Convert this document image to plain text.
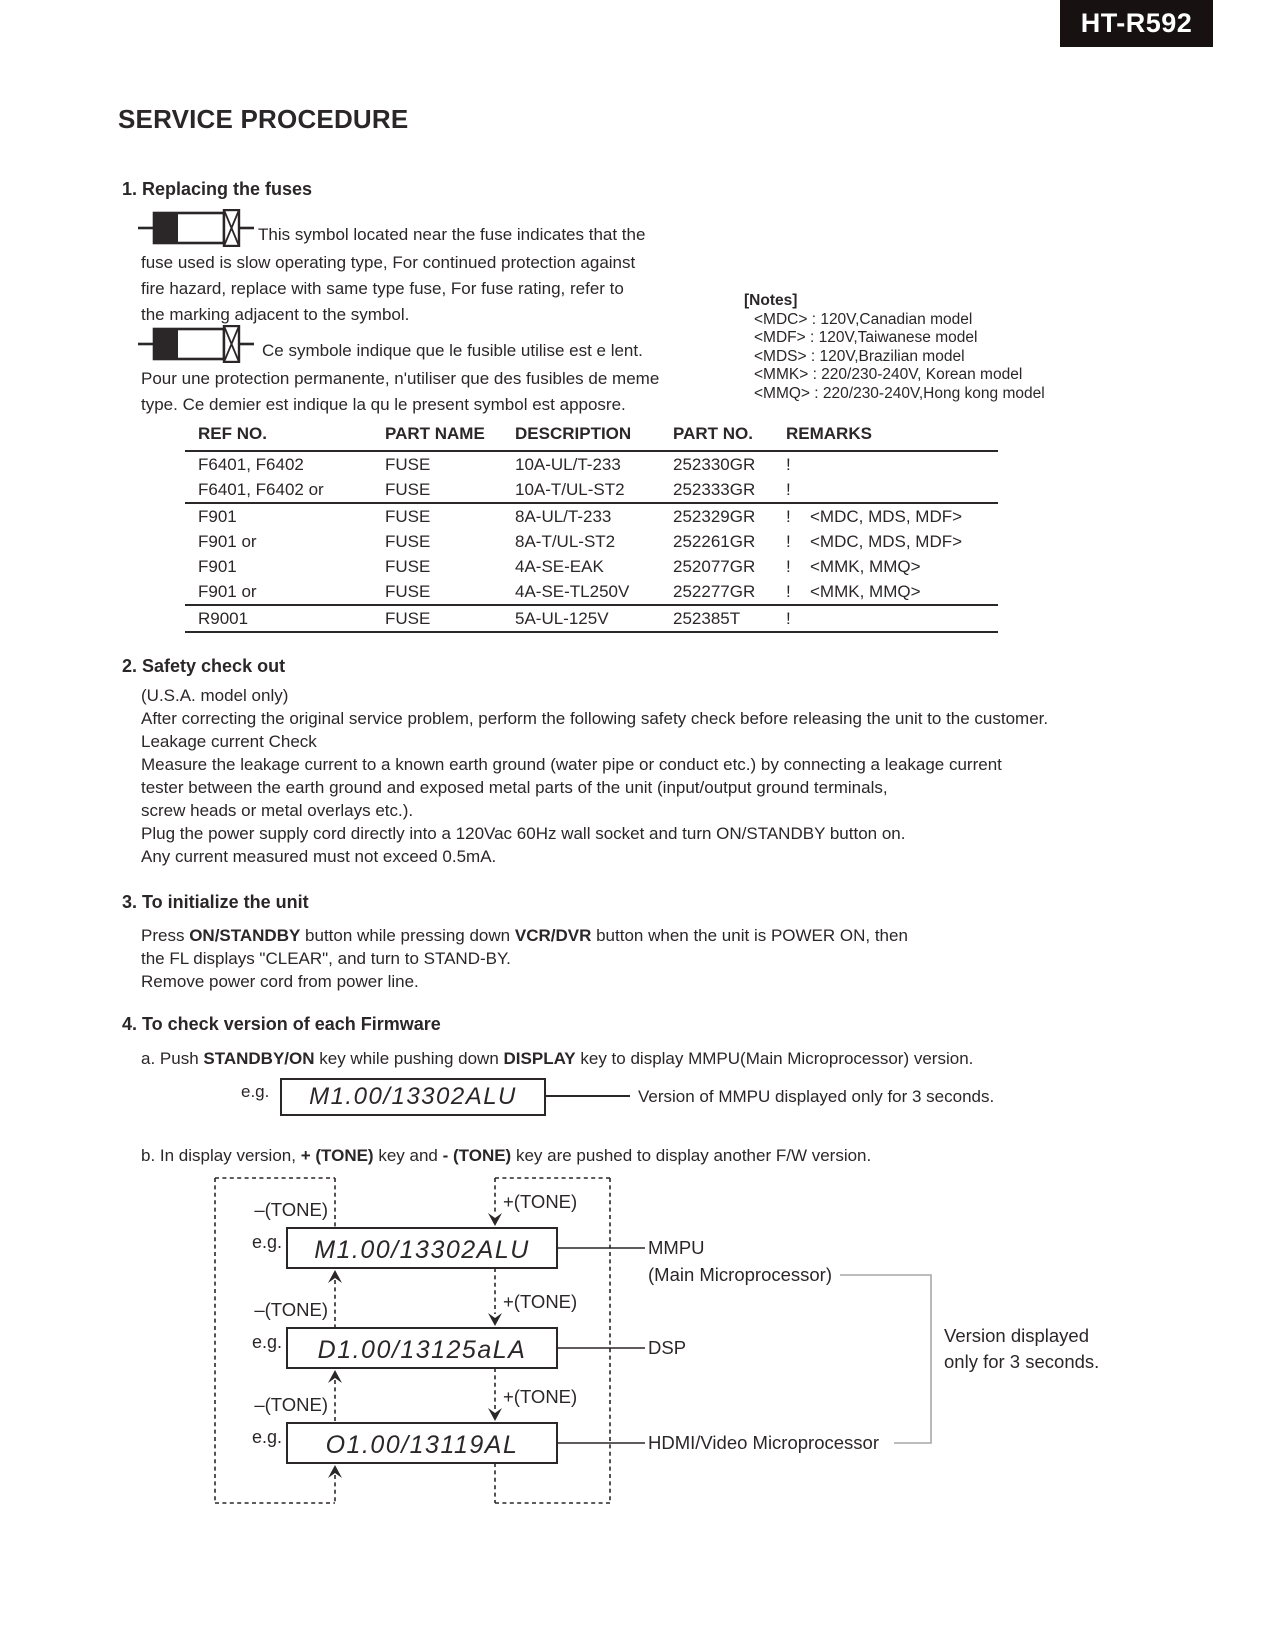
HT-R592
SERVICE PROCEDURE
1. Replacing the fuses
This symbol located near the fuse indicates that the
fuse used is slow operating type, For continued protection against
fire hazard, replace with same type fuse, For fuse rating, refer to
the marking adjacent to the symbol.
[Notes]
<MDC> : 120V,Canadian model
<MDF> : 120V,Taiwanese model
<MDS> : 120V,Brazilian model
<MMK> : 220/230-240V, Korean model
<MMQ> : 220/230-240V,Hong kong model
Ce symbole indique que le fusible utilise est e lent.
Pour une protection permanente, n'utiliser que des fusibles de meme
type. Ce demier est indique la qu le present symbol est apposre.
REF NO.	PART NAME	DESCRIPTION	PART NO.	REMARKS
F6401, F6402	FUSE	10A-UL/T-233	252330GR	!
F6401, F6402 or	FUSE	10A-T/UL-ST2	252333GR	!
F901	FUSE	8A-UL/T-233	252329GR	! <MDC, MDS, MDF>
F901 or	FUSE	8A-T/UL-ST2	252261GR	! <MDC, MDS, MDF>
F901	FUSE	4A-SE-EAK	252077GR	! <MMK, MMQ>
F901 or	FUSE	4A-SE-TL250V	252277GR	! <MMK, MMQ>
R9001	FUSE	5A-UL-125V	252385T	!
2. Safety check out
(U.S.A. model only)
After correcting the original service problem, perform the following safety check before releasing the unit to the customer.
Leakage current Check
Measure the leakage current to a known earth ground (water pipe or conduct etc.) by connecting a leakage current
tester between the earth ground and exposed metal parts of the unit (input/output ground terminals,
screw heads or metal overlays etc.).
Plug the power supply cord directly into a 120Vac 60Hz wall socket and turn ON/STANDBY button on.
Any current measured must not exceed 0.5mA.
3. To initialize the unit
Press ON/STANDBY button while pressing down VCR/DVR button when the unit is POWER ON, then
the FL displays "CLEAR", and turn to STAND-BY.
Remove power cord from power line.
4. To check version of each Firmware
a. Push STANDBY/ON key while pushing down DISPLAY key to display MMPU(Main Microprocessor) version.
e.g.	M1.00/13302ALU	Version of MMPU displayed only for 3 seconds.
b. In display version, + (TONE) key and - (TONE) key are pushed to display another F/W version.
M1.00/13302ALU
D1.00/13125aLA
O1.00/13119AL
e.g.
e.g.
e.g.
–(TONE)
–(TONE)
–(TONE)
+(TONE)
+(TONE)
+(TONE)
MMPU
(Main Microprocessor)
DSP
HDMI/Video Microprocessor
Version displayed
only for 3 seconds.
